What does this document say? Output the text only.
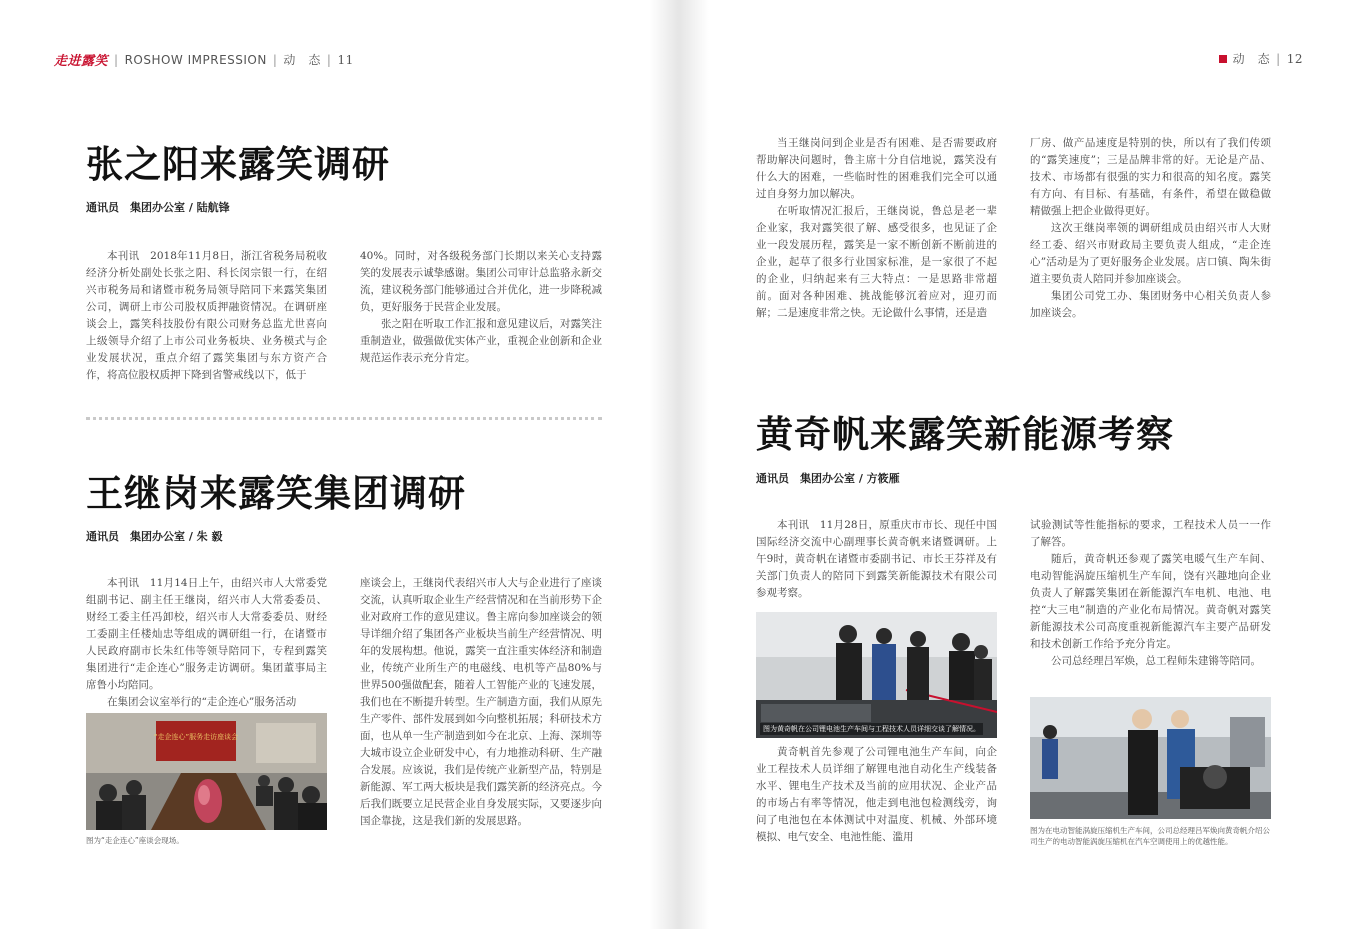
走进露笑 | ROSHOW IMPRESSION | 动　态 | 11
张之阳来露笑调研
通讯员　集团办公室 / 陆航锋

本刊讯　2018年11月8日，浙江省税务局税收经济分析处副处长张之阳、科长闵宗银一行，在绍兴市税务局和诸暨市税务局领导陪同下来露笑集团公司，调研上市公司股权质押融资情况。在调研座谈会上，露笑科技股份有限公司财务总监尤世喜向上级领导介绍了上市公司业务板块、业务模式与企业发展状况，重点介绍了露笑集团与东方资产合作，将高位股权质押下降到省警戒线以下，低于

40%。同时，对各级税务部门长期以来关心支持露笑的发展表示诚挚感谢。集团公司审计总监骆永新交流，建议税务部门能够通过合并优化，进一步降税减负，更好服务于民营企业发展。

张之阳在听取工作汇报和意见建议后，对露笑注重制造业，做强做优实体产业，重视企业创新和企业规范运作表示充分肯定。

王继岗来露笑集团调研
通讯员　集团办公室 / 朱 毅

本刊讯　11月14日上午，由绍兴市人大常委党组副书记、副主任王继岗，绍兴市人大常委委员、财经工委主任冯卸校，绍兴市人大常委委员、财经工委副主任楼灿忠等组成的调研组一行，在诸暨市人民政府副市长朱红伟等领导陪同下，专程到露笑集团进行“走企连心”服务走访调研。集团董事局主席鲁小均陪同。

在集团会议室举行的“走企连心”服务活动

“走企连心”服务走访座谈会
图为“走企连心”座谈会现场。

座谈会上，王继岗代表绍兴市人大与企业进行了座谈交流，认真听取企业生产经营情况和在当前形势下企业对政府工作的意见建议。鲁主席向参加座谈会的领导详细介绍了集团各产业板块当前生产经营情况、明年的发展构想。他说，露笑一直注重实体经济和制造业，传统产业所生产的电磁线、电机等产品80%与世界500强做配套，随着人工智能产业的飞速发展，我们也在不断提升转型。生产制造方面，我们从原先生产零件、部件发展到如今向整机拓展；科研技术方面，也从单一生产制造到如今在北京、上海、深圳等大城市设立企业研发中心，有力地推动科研、生产融合发展。应该说，我们是传统产业新型产品，特别是新能源、军工两大板块是我们露笑新的经济亮点。今后我们既要立足民营企业自身发展实际，又要逐步向国企靠拢，这是我们新的发展思路。

动　态 | 12

当王继岗问到企业是否有困难、是否需要政府帮助解决问题时，鲁主席十分自信地说，露笑没有什么大的困难，一些临时性的困难我们完全可以通过自身努力加以解决。

在听取情况汇报后，王继岗说，鲁总是老一辈企业家，我对露笑很了解、感受很多，也见证了企业一段发展历程，露笑是一家不断创新不断前进的企业，起草了很多行业国家标准，是一家很了不起的企业，归纳起来有三大特点：一是思路非常超前。面对各种困难、挑战能够沉着应对，迎刃而解；二是速度非常之快。无论做什么事情，还是造

厂房、做产品速度是特别的快，所以有了我们传颂的“露笑速度”；三是品牌非常的好。无论是产品、技术、市场都有很强的实力和很高的知名度。露笑有方向、有目标、有基础，有条件，希望在做稳做精做强上把企业做得更好。

这次王继岗率领的调研组成员由绍兴市人大财经工委、绍兴市财政局主要负责人组成，“走企连心”活动是为了更好服务企业发展。店口镇、陶朱街道主要负责人陪同并参加座谈会。

集团公司党工办、集团财务中心相关负责人参加座谈会。

黄奇帆来露笑新能源考察
通讯员　集团办公室 / 方筱雁

本刊讯　11月28日，原重庆市市长、现任中国国际经济交流中心副理事长黄奇帆来诸暨调研。上午9时，黄奇帆在诸暨市委副书记、市长王芬祥及有关部门负责人的陪同下到露笑新能源技术有限公司参观考察。

图为黄奇帆在公司锂电池生产车间与工程技术人员详细交谈了解情况。

黄奇帆首先参观了公司锂电池生产车间，向企业工程技术人员详细了解锂电池自动化生产线装备水平、锂电生产技术及当前的应用状况、企业产品的市场占有率等情况，他走到电池包检测线旁，询问了电池包在本体测试中对温度、机械、外部环境模拟、电气安全、电池性能、滥用

试验测试等性能指标的要求，工程技术人员一一作了解答。

随后，黄奇帆还参观了露笑电暖气生产车间、电动智能涡旋压缩机生产车间，饶有兴趣地向企业负责人了解露笑集团在新能源汽车电机、电池、电控“大三电”制造的产业化布局情况。黄奇帆对露笑新能源技术公司高度重视新能源汽车主要产品研发和技术创新工作给予充分肯定。

公司总经理吕军焕，总工程师朱建锵等陪同。

图为在电动智能涡旋压缩机生产车间，公司总经理吕军焕向黄奇帆介绍公司生产的电动智能涡旋压缩机在汽车空调使用上的优越性能。
